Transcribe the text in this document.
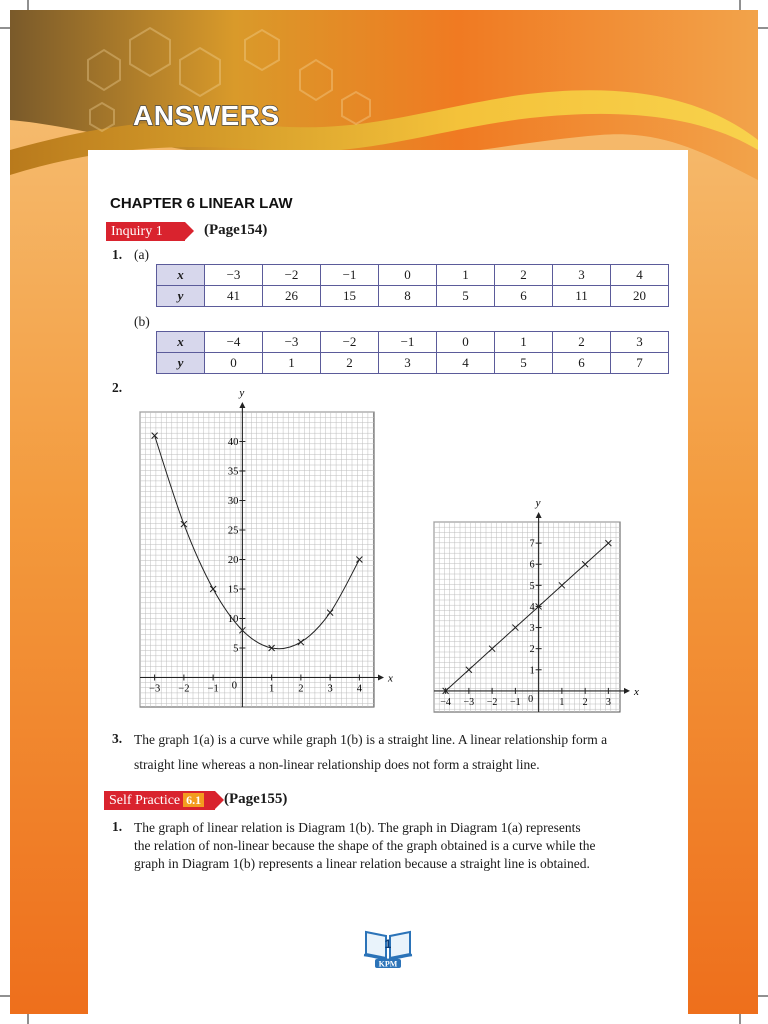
ANSWERS
CHAPTER 6 LINEAR LAW
Inquiry 1	(Page154)
1. (a)
x	−3	−2	−1	0	1	2	3	4
y	41	26	15	8	5	6	11	20
(b)
x	−4	−3	−2	−1	0	1	2	3
y	0	1	2	3	4	5	6	7
2.
x
y
−3 −2 −1 0	1 2 3 4
5
10
15
20
25
30
35
40
x
y
−4 −3 −2 −1 0	1 2 3
1
2
3
4
5
6
7
3. The graph 1(a) is a curve while graph 1(b) is a straight line. A linear relationship form a
straight line whereas a non-linear relationship does not form a straight line.
Self Practice 6.1	(Page155)
1. The graph of linear relation is Diagram 1(b). The graph in Diagram 1(a) represents
the relation of non-linear because the shape of the graph obtained is a curve while the
graph in Diagram 1(b) represents a linear relation because a straight line is obtained.
1
KPM
